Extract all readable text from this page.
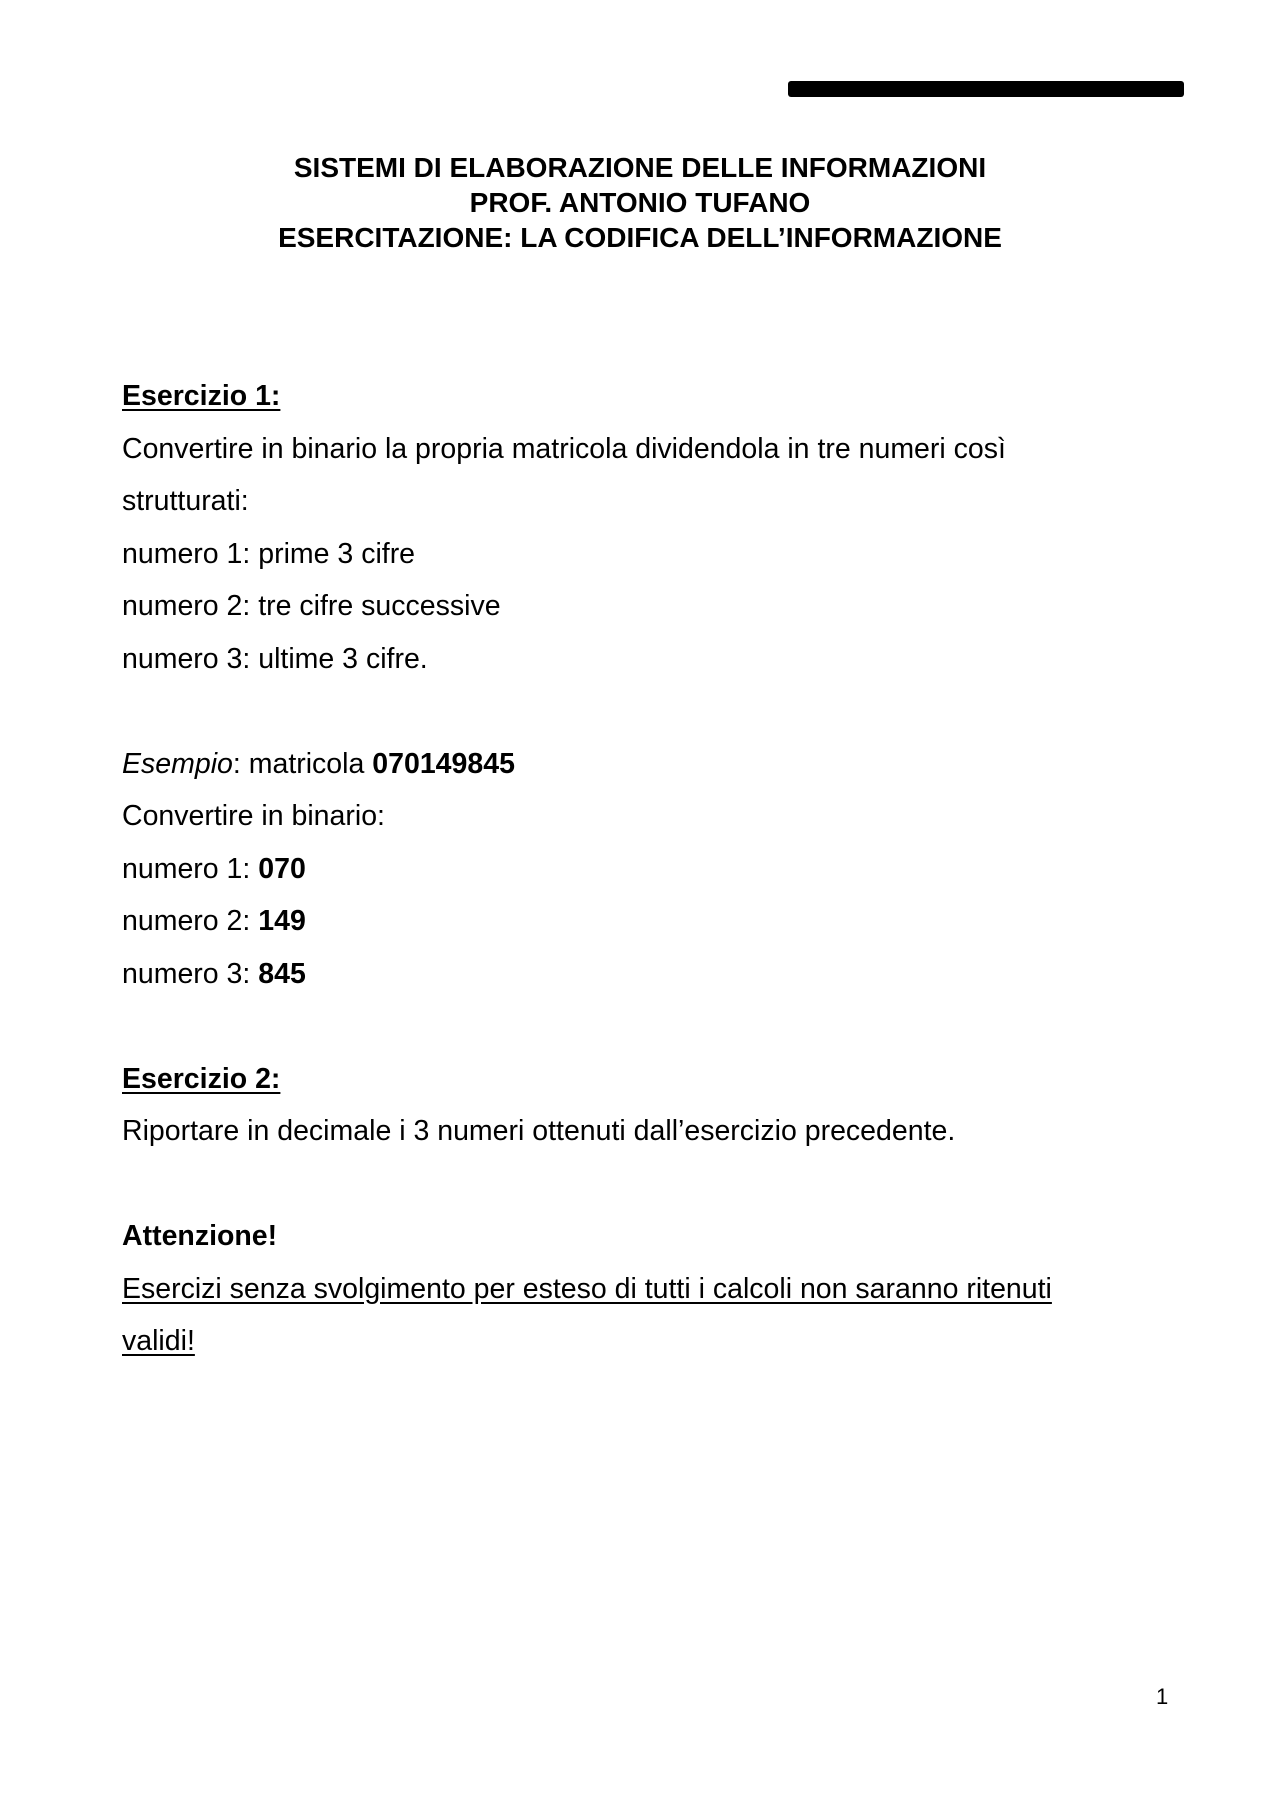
SISTEMI DI ELABORAZIONE DELLE INFORMAZIONI
PROF. ANTONIO TUFANO
ESERCITAZIONE: LA CODIFICA DELL’INFORMAZIONE

Esercizio 1:

Convertire in binario la propria matricola dividendola in tre numeri così

strutturati:

numero 1: prime 3 cifre

numero 2: tre cifre successive

numero 3: ultime 3 cifre.

Esempio: matricola 070149845

Convertire in binario:

numero 1: 070

numero 2: 149

numero 3: 845

Esercizio 2:

Riportare in decimale i 3 numeri ottenuti dall’esercizio precedente.

Attenzione!

Esercizi senza svolgimento per esteso di tutti i calcoli non saranno ritenuti

validi!

1
